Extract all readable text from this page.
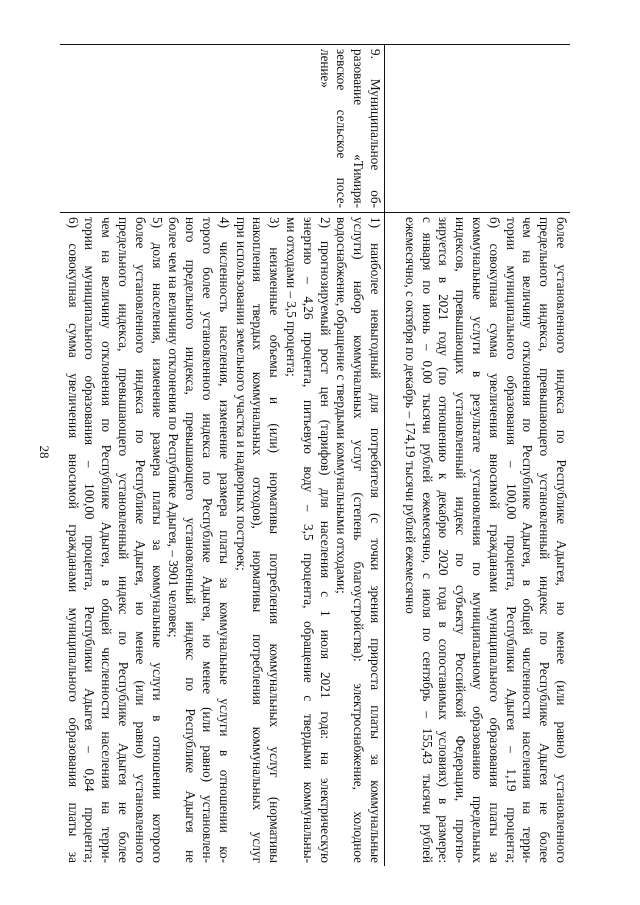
28
9. Муниципальное об-
разование «Тимиря-
зевское сельское посе-
ление»
более установленного индекса по Республике Адыгея, но менее (или равно) установленного
предельного индекса, превышающего установленный индекс по Республике Адыгея не более
чем на величину отклонения по Республике Адыгея, в общей численности населения на терри-
тории муниципального образования – 100,00 процента, Республики Адыгея – 1,19 процента;
б) совокупная сумма увеличения вносимой гражданами муниципального образования платы за
коммунальные услуги в результате установления по муниципальному образованию предельных
индексов, превышающих установленный индекс по субъекту Российской Федерации, прогно-
зируется в 2021 году (по отношению к декабрю 2020 года в сопоставимых условиях) в размере:
с января по июнь – 0,00 тысячи рублей ежемесячно, с июля по сентябрь – 155,43 тысячи рублей
ежемесячно, с октября по декабрь – 174,19 тысячи рублей ежемесячно
1) наиболее невыгодный для потребителя (с точки зрения прироста платы за коммунальные
услуги) набор коммунальных услуг (степень благоустройства): электроснабжение, холодное
водоснабжение, обращение с твердыми коммунальными отходами;
2) прогнозируемый рост цен (тарифов) для населения с 1 июля 2021 года: на электрическую
энергию – 4,26 процента, питьевую воду – 3,5 процента, обращение с твердыми коммунальны-
ми отходами – 3,5 процента;
3) неизменные объемы и (или) нормативы потребления коммунальных услуг (нормативы
накопления твердых коммунальных отходов), нормативы потребления коммунальных услуг
при использовании земельного участка и надворных построек;
4) численность населения, изменение размера платы за коммунальные услуги в отношении ко-
торого более установленного индекса по Республике Адыгея, но менее (или равно) установлен-
ного предельного индекса, превышающего установленный индекс по Республике Адыгея не
более чем на величину отклонения по Республике Адыгея, – 3901 человек;
5) доля населения, изменение размера платы за коммунальные услуги в отношении которого
более установленного индекса по Республике Адыгея, но менее (или равно) установленного
предельного индекса, превышающего установленный индекс по Республике Адыгея не более
чем на величину отклонения по Республике Адыгея, в общей численности населения на терри-
тории муниципального образования – 100,00 процента, Республики Адыгея – 0,84 процента;
6) совокупная сумма увеличения вносимой гражданами муниципального образования платы за
